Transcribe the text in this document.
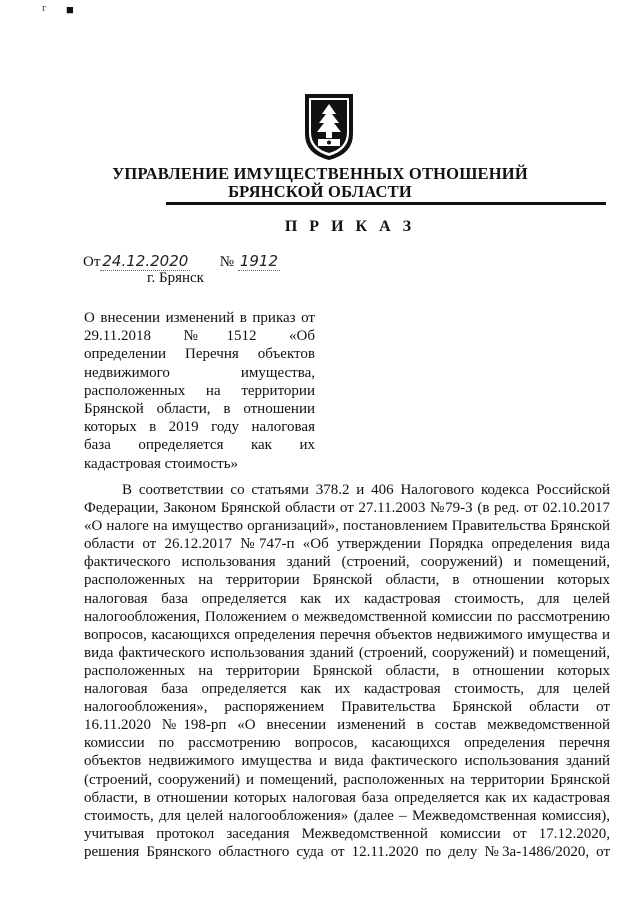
г ■
УПРАВЛЕНИЕ ИМУЩЕСТВЕННЫХ ОТНОШЕНИЙ
БРЯНСКОЙ ОБЛАСТИ
П Р И К А З
От 24.12.2020 № 1912
г. Брянск
О внесении изменений в приказ от
29.11.2018 №1512 «Об
определении Перечня объектов
недвижимого имущества,
расположенных на территории
Брянской области, в отношении
которых в 2019 году налоговая
база определяется как их
кадастровая стоимость»
В соответствии со статьями 378.2 и 406 Налогового кодекса Российской
Федерации, Законом Брянской области от 27.11.2003 №79-З (в ред. от 02.10.2017
«О налоге на имущество организаций», постановлением Правительства Брянской
области от 26.12.2017 №747-п «Об утверждении Порядка определения вида
фактического использования зданий (строений, сооружений) и помещений,
расположенных на территории Брянской области, в отношении которых
налоговая база определяется как их кадастровая стоимость, для целей
налогообложения, Положением о межведомственной комиссии по рассмотрению
вопросов, касающихся определения перечня объектов недвижимого имущества и
вида фактического использования зданий (строений, сооружений) и помещений,
расположенных на территории Брянской области, в отношении которых
налоговая база определяется как их кадастровая стоимость, для целей
налогообложения», распоряжением Правительства Брянской области от
16.11.2020 №198-рп «О внесении изменений в состав межведомственной
комиссии по рассмотрению вопросов, касающихся определения перечня
объектов недвижимого имущества и вида фактического использования зданий
(строений, сооружений) и помещений, расположенных на территории Брянской
области, в отношении которых налоговая база определяется как их кадастровая
стоимость, для целей налогообложения» (далее – Межведомственная комиссия),
учитывая протокол заседания Межведомственной комиссии от 17.12.2020,
решения Брянского областного суда от 12.11.2020 по делу №3а-1486/2020, от
